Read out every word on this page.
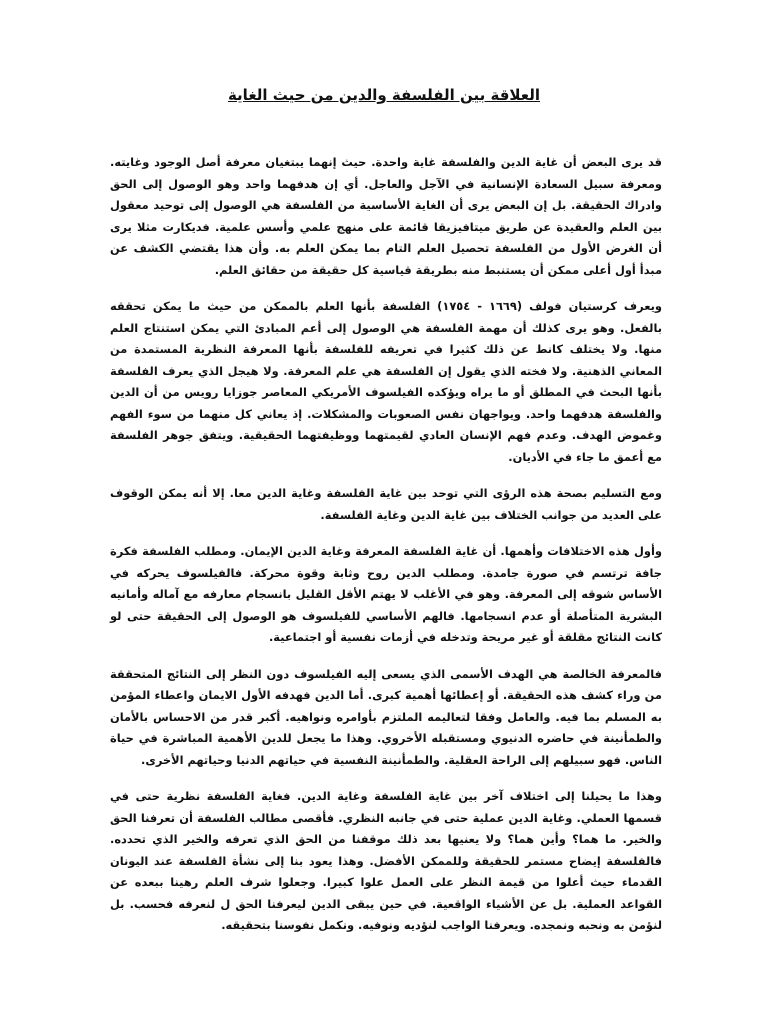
العلاقة بين الفلسفة والدين من حيث الغاية

قد يرى البعض أن غاية الدين والفلسفة غاية واحدة. حيث إنهما يبتغيان معرفة أصل الوجود وغايته. ومعرفة سبيل السعادة الإنسانية في الآجل والعاجل. أي إن هدفهما واحد وهو الوصول إلى الحق وادراك الحقيقة. بل إن البعض يرى أن الغاية الأساسية من الفلسفة هي الوصول إلى توحيد معقول بين العلم والعقيدة عن طريق ميتافيزيقا قائمة على منهج علمي وأسس علمية. فديكارت مثلا يرى أن الغرض الأول من الفلسفة تحصيل العلم التام بما يمكن العلم به. وأن هذا يقتضي الكشف عن مبدأ أول أعلى ممكن أن يستنبط منه بطريقة قياسية كل حقيقة من حقائق العلم.

ويعرف كرستيان فولف (١٦٦٩ - ١٧٥٤) الفلسفة بأنها العلم بالممكن من حيث ما يمكن تحققه بالفعل. وهو يرى كذلك أن مهمة الفلسفة هي الوصول إلى أعم المبادئ التي يمكن استنتاج العلم منها. ولا يختلف كانط عن ذلك كثيرا في تعريفه للفلسفة بأنها المعرفة النظرية المستمدة من المعاني الذهنية. ولا فخته الذي يقول إن الفلسفة هي علم المعرفة. ولا هيجل الذي يعرف الفلسفة بأنها البحث في المطلق أو ما يراه ويؤكده الفيلسوف الأمريكي المعاصر جوزايا رويس من أن الدين والفلسفة هدفهما واحد. ويواجهان نفس الصعوبات والمشكلات. إذ يعاني كل منهما من سوء الفهم وغموض الهدف. وعدم فهم الإنسان العادي لقيمتهما ووظيفتهما الحقيقية. ويتفق جوهر الفلسفة مع أعمق ما جاء في الأديان.

ومع التسليم بصحة هذه الرؤى التي توحد بين غاية الفلسفة وغاية الدين معا. إلا أنه يمكن الوقوف على العديد من جوانب الختلاف بين غاية الدين وغاية الفلسفة.

وأول هذه الاختلافات وأهمها. أن غاية الفلسفة المعرفة وغاية الدين الإيمان. ومطلب الفلسفة فكرة جافة ترتسم في صورة جامدة. ومطلب الدين روح وثابة وقوة محركة. فالفيلسوف يحركه في الأساس شوقه إلى المعرفة. وهو في الأغلب لا يهتم الأقل القليل بانسجام معارفه مع آماله وأمانيه البشرية المتأصلة أو عدم انسجامها. فالهم الأساسي للفيلسوف هو الوصول إلى الحقيقة حتى لو كانت النتائج مقلقة أو غير مريحة وتدخله في أزمات نفسية أو اجتماعية.

فالمعرفة الخالصة هي الهدف الأسمى الذي يسعى إليه الفيلسوف دون النظر إلى النتائج المتحققة من وراء كشف هذه الحقيقة. أو إعطائها أهمية كبرى. أما الدين فهدفه الأول الايمان واعطاء المؤمن به المسلم بما فيه. والعامل وفقا لتعاليمه الملتزم بأوامره ونواهيه. أكبر قدر من الاحساس بالأمان والطمأنينة في حاضره الدنيوي ومستقبله الأخروي. وهذا ما يجعل للدين الأهمية المباشرة في حياة الناس. فهو سبيلهم إلى الراحة العقلية. والطمأنينة النفسية في حياتهم الدنيا وحياتهم الأخرى.

وهذا ما يحيلنا إلى اختلاف آخر بين غاية الفلسفة وغاية الدين. فغاية الفلسفة نظرية حتى في قسمها العملي. وغاية الدين عملية حتى في جانبه النظري. فأقصى مطالب الفلسفة أن تعرفنا الحق والخير. ما هما؟ وأين هما؟ ولا يعنيها بعد ذلك موقفنا من الحق الذي تعرفه والخير الذي تحدده. فالفلسفة إيضاح مستمر للحقيقة وللممكن الأفضل. وهذا يعود بنا إلى نشأة الفلسفة عند اليونان القدماء حيث أعلوا من قيمة النظر على العمل علوا كبيرا. وجعلوا شرف العلم رهينا ببعده عن القواعد العملية. بل عن الأشياء الواقعية. في حين يبقى الدين ليعرفنا الحق ل لنعرفه فحسب. بل لنؤمن به ونحبه ونمجده. ويعرفنا الواجب لنؤديه ونوفيه. ونكمل نفوسنا بتحقيقه.
